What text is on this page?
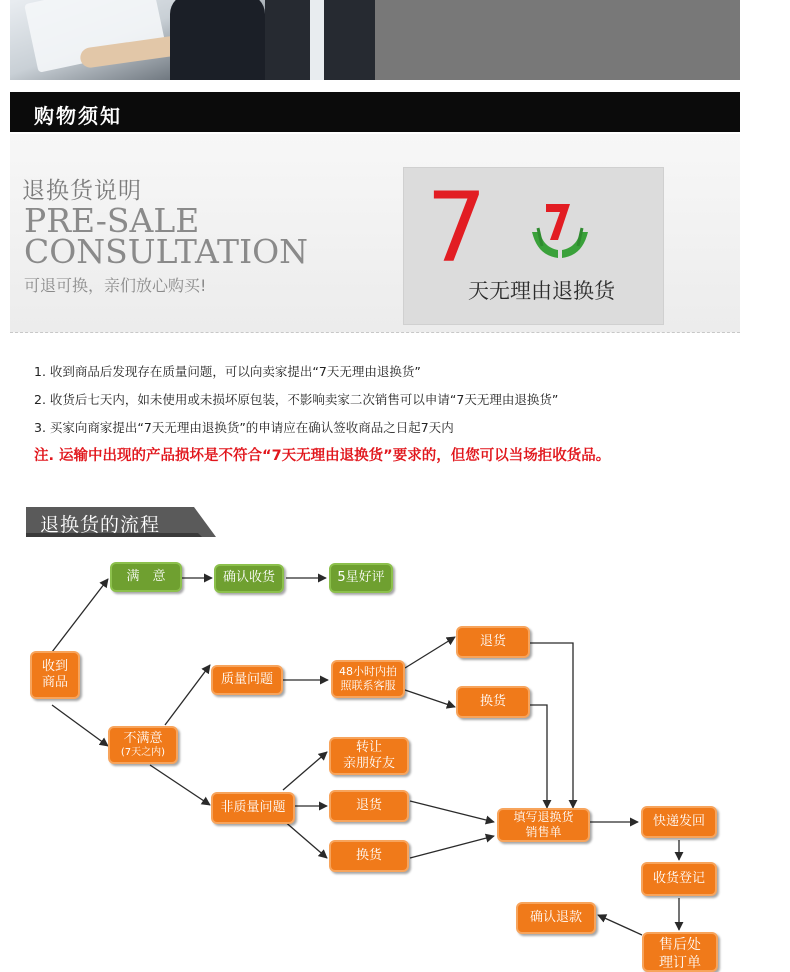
购物须知
退换货说明
PRE-SALE
CONSULTATION
可退可换，亲们放心购买!
7
天无理由退换货
1. 收到商品后发现存在质量问题，可以向卖家提出“7天无理由退换货”
2. 收货后七天内，如未使用或未损坏原包装，不影响卖家二次销售可以申请“7天无理由退换货”
3. 买家向商家提出“7天无理由退换货”的申请应在确认签收商品之日起7天内
注. 运输中出现的产品损坏是不符合“7天无理由退换货”要求的，但您可以当场拒收货品。
退换货的流程
收到
商品
满　意	确认收货	5星好评
不满意
(7天之内)
质量问题
48小时内拍
照联系客服
退货
换货
非质量问题
转让
亲朋好友
退货
换货
填写退换货
销售单
快递发回
收货登记
售后处
理订单
确认退款
